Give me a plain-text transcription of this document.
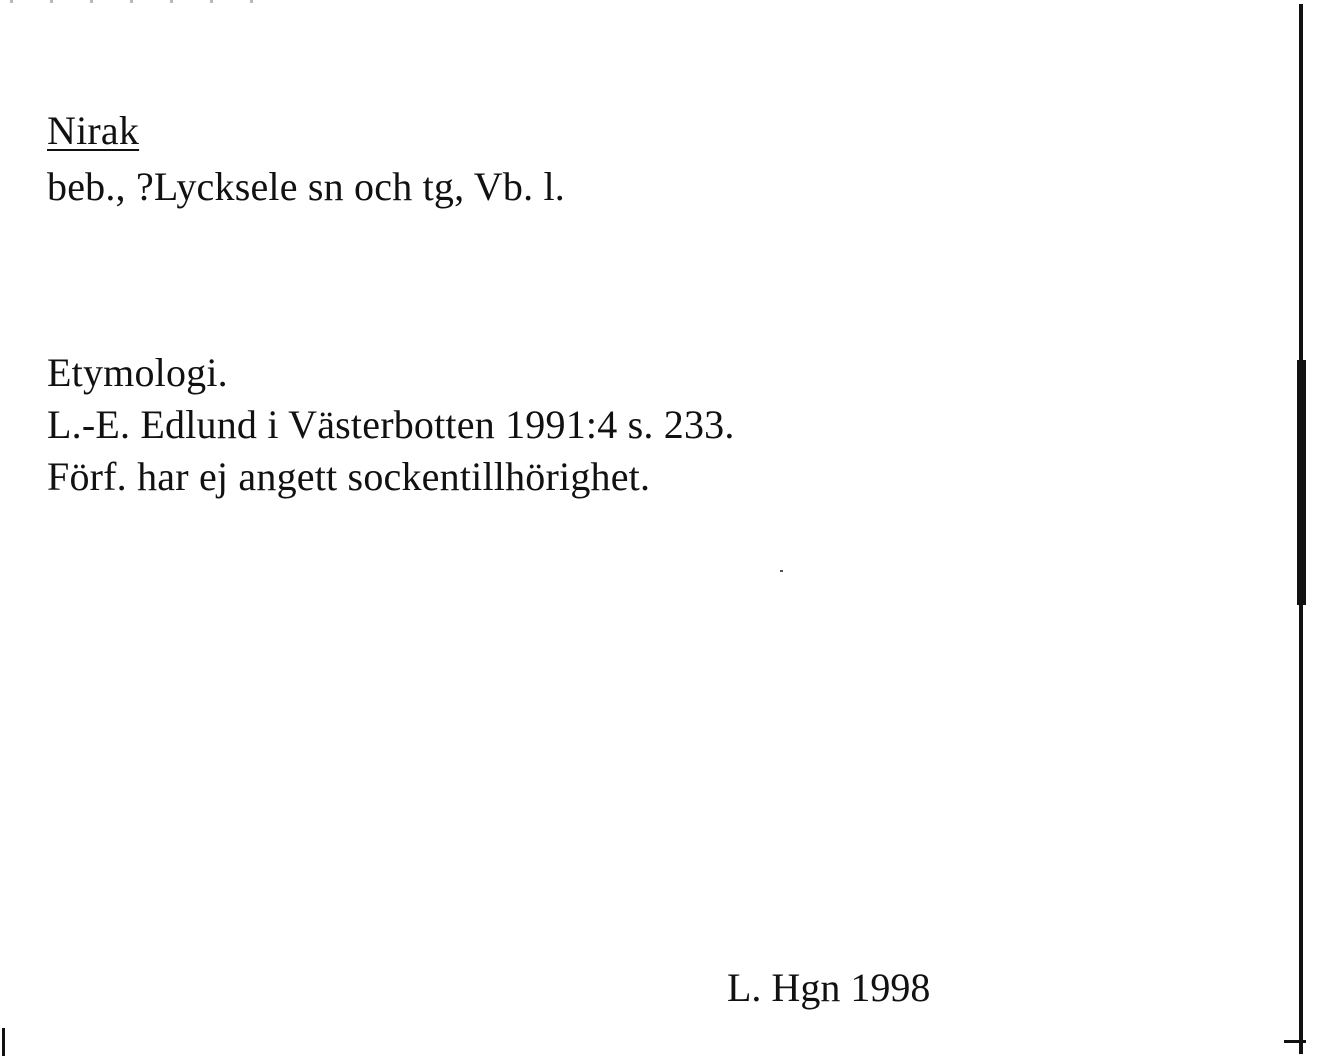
Nirak
beb., ?Lycksele sn och tg, Vb. l.
Etymologi.
L.-E. Edlund i Västerbotten 1991:4 s. 233.
Förf. har ej angett sockentillhörighet.
L. Hgn 1998
